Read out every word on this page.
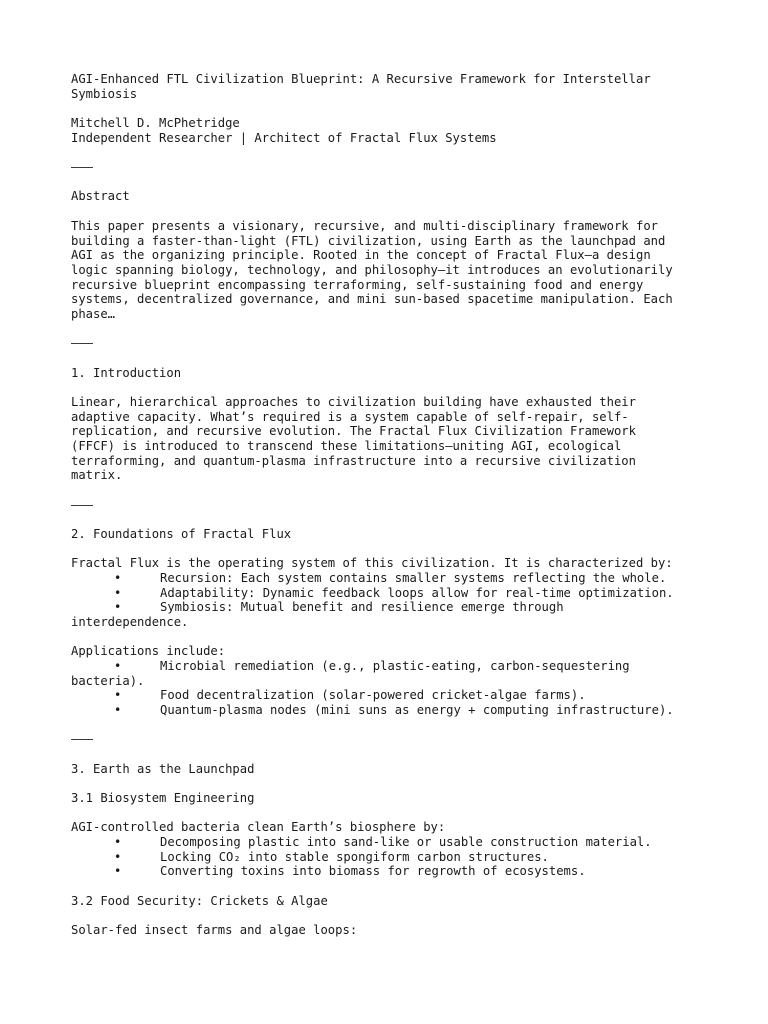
AGI-Enhanced FTL Civilization Blueprint: A Recursive Framework for Interstellar
Symbiosis
Mitchell D. McPhetridge
Independent Researcher | Architect of Fractal Flux Systems
———
Abstract
This paper presents a visionary, recursive, and multi-disciplinary framework for
building a faster-than-light (FTL) civilization, using Earth as the launchpad and
AGI as the organizing principle. Rooted in the concept of Fractal Flux—a design
logic spanning biology, technology, and philosophy—it introduces an evolutionarily
recursive blueprint encompassing terraforming, self-sustaining food and energy
systems, decentralized governance, and mini sun-based spacetime manipulation. Each
phase…
———
1. Introduction
Linear, hierarchical approaches to civilization building have exhausted their
adaptive capacity. What’s required is a system capable of self-repair, self-
replication, and recursive evolution. The Fractal Flux Civilization Framework
(FFCF) is introduced to transcend these limitations—uniting AGI, ecological
terraforming, and quantum-plasma infrastructure into a recursive civilization
matrix.
———
2. Foundations of Fractal Flux
Fractal Flux is the operating system of this civilization. It is characterized by:
•	Recursion: Each system contains smaller systems reflecting the whole.
•	Adaptability: Dynamic feedback loops allow for real-time optimization.
•	Symbiosis: Mutual benefit and resilience emerge through
interdependence.
Applications include:
•	Microbial remediation (e.g., plastic-eating, carbon-sequestering
bacteria).
•	Food decentralization (solar-powered cricket-algae farms).
•	Quantum-plasma nodes (mini suns as energy + computing infrastructure).
———
3. Earth as the Launchpad
3.1 Biosystem Engineering
AGI-controlled bacteria clean Earth’s biosphere by:
•	Decomposing plastic into sand-like or usable construction material.
•	Locking CO₂ into stable spongiform carbon structures.
•	Converting toxins into biomass for regrowth of ecosystems.
3.2 Food Security: Crickets & Algae
Solar-fed insect farms and algae loops:
